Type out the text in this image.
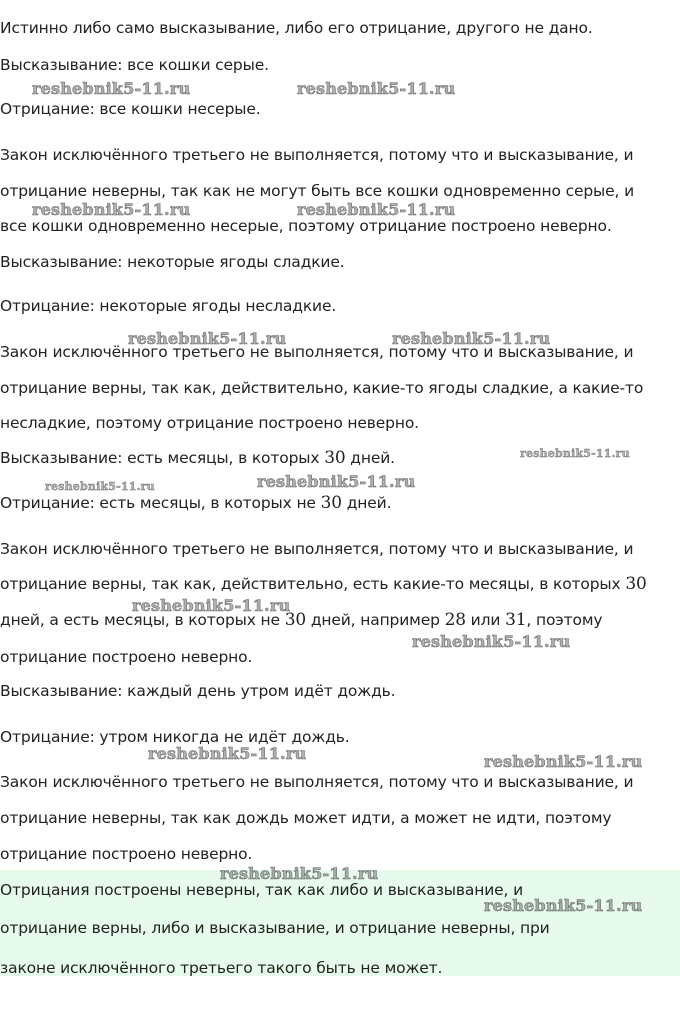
Истинно либо само высказывание, либо его отрицание, другого не дано.
Высказывание: все кошки серые.
Отрицание: все кошки несерые.
Закон исключённого третьего не выполняется, потому что и высказывание, и
отрицание неверны, так как не могут быть все кошки одновременно серые, и
все кошки одновременно несерые, поэтому отрицание построено неверно.
Высказывание: некоторые ягоды сладкие.
Отрицание: некоторые ягоды несладкие.
Закон исключённого третьего не выполняется, потому что и высказывание, и
отрицание верны, так как, действительно, какие-то ягоды сладкие, а какие-то
несладкие, поэтому отрицание построено неверно.
Высказывание: есть месяцы, в которых 30 дней.
Отрицание: есть месяцы, в которых не 30 дней.
Закон исключённого третьего не выполняется, потому что и высказывание, и
отрицание верны, так как, действительно, есть какие-то месяцы, в которых 30
дней, а есть месяцы, в которых не 30 дней, например 28 или 31, поэтому
отрицание построено неверно.
Высказывание: каждый день утром идёт дождь.
Отрицание: утром никогда не идёт дождь.
Закон исключённого третьего не выполняется, потому что и высказывание, и
отрицание неверны, так как дождь может идти, а может не идти, поэтому
отрицание построено неверно.
Отрицания построены неверны, так как либо и высказывание, и
отрицание верны, либо и высказывание, и отрицание неверны, при
законе исключённого третьего такого быть не может.
reshebnik5-11.ru	reshebnik5-11.ru
reshebnik5-11.ru	reshebnik5-11.ru
reshebnik5-11.ru	reshebnik5-11.ru
reshebnik5-11.ru
reshebnik5-11.ru	reshebnik5-11.ru
reshebnik5-11.ru
reshebnik5-11.ru
reshebnik5-11.ru	reshebnik5-11.ru
reshebnik5-11.ru
reshebnik5-11.ru
